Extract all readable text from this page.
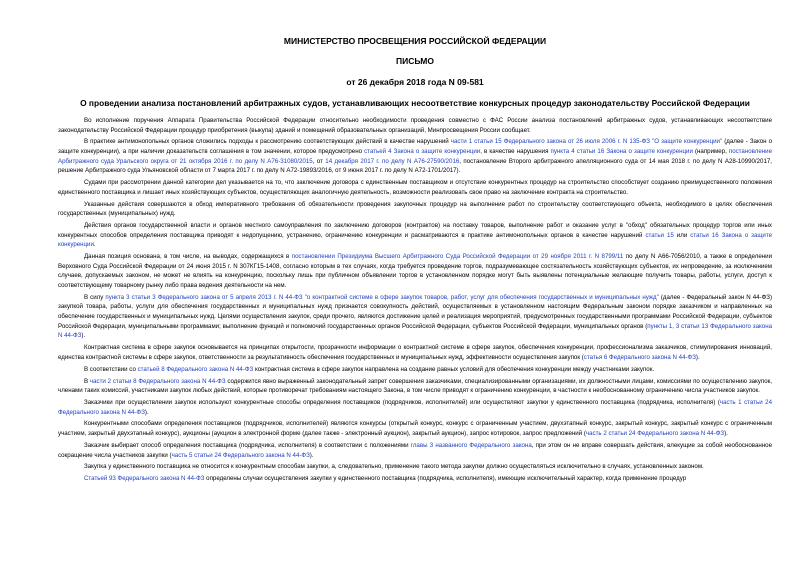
МИНИСТЕРСТВО ПРОСВЕЩЕНИЯ РОССИЙСКОЙ ФЕДЕРАЦИИ
ПИСЬМО
от 26 декабря 2018 года N 09-581
О проведении анализа постановлений арбитражных судов, устанавливающих несоответствие конкурсных процедур законодательству Российской Федерации

Во исполнение поручения Аппарата Правительства Российской Федерации относительно необходимости проведения совместно с ФАС России анализа постановлений арбитражных судов, устанавливающих несоответствие законодательству Российской Федерации процедур приобретения (выкупа) зданий и помещений образовательных организаций, Минпросвещения России сообщает.

В практике антимонопольных органов сложились подходы к рассмотрению соответствующих действий в качестве нарушений части 1 статьи 15 Федерального закона от 26 июля 2006 г. N 135-ФЗ "О защите конкуренции" (далее - Закон о защите конкуренции), а при наличии доказательств соглашения в том значении, которое предусмотрено статьей 4 Закона о защите конкуренции, в качестве нарушения пункта 4 статьи 16 Закона о защите конкуренции (например, постановление Арбитражного суда Уральского округа от 21 октября 2016 г. по делу N А76-31080/2015, от 14 декабря 2017 г. по делу N А76-27590/2016, постановление Второго арбитражного апелляционного суда от 14 мая 2018 г. по делу N А28-10990/2017, решение Арбитражного суда Ульяновской области от 7 марта 2017 г. по делу N А72-19893/2016, от 9 июня 2017 г. по делу N А72-1701/2017).

Судами при рассмотрении данной категории дел указывается на то, что заключение договора с единственным поставщиком и отсутствие конкурентных процедур на строительство способствует созданию преимущественного положения единственного поставщика и лишает иных хозяйствующих субъектов, осуществляющих аналогичную деятельность, возможности реализовать свое право на заключение контракта на строительство.

Указанные действия совершаются в обход императивного требования об обязательности проведения закупочных процедур на выполнение работ по строительству соответствующего объекта, необходимого в целях обеспечения государственных (муниципальных) нужд.

Действия органов государственной власти и органов местного самоуправления по заключению договоров (контрактов) на поставку товаров, выполнение работ и оказание услуг в "обход" обязательных процедур торгов или иных конкурентных способов определения поставщика приводят к недопущению, устранению, ограничению конкуренции и расматриваются в практике антимонопольных органов в качестве нарушений статьи 15 или статьи 16 Закона о защите конкуренции.

Данная позиция основана, в том числе, на выводах, содержащихся в постановлении Президиума Высшего Арбитражного Суда Российской Федерации от 29 ноября 2011 г. N 8799/11 по делу N А66-7056/2010, а также в определении Верховного Суда Российской Федерации от 24 июня 2015 г. N 307КГ15-1408, согласно которым в тех случаях, когда требуется проведение торгов, подразумевающее состязательность хозяйствующих субъектов, их непроведение, за исключением случаев, допускаемых законом, не может не влиять на конкуренцию, поскольку лишь при публичном объявлении торгов в установленном порядке могут быть выявлены потенциальные желающие получить товары, работы, услуги, доступ к соответствующему товарному рынку либо права ведения деятельности на нем.

В силу пункта 3 статьи 3 Федерального закона от 5 апреля 2013 г. N 44-ФЗ "о контрактной системе в сфере закупок товаров, работ, услуг для обеспечения государственных и муниципальных нужд" (далее - Федеральный закон N 44-ФЗ) закупкой товара, работы, услуги для обеспечения государственных и муниципальных нужд признается совокупность действий, осуществляемых в установленном настоящим Федеральным законом порядке заказчиком и направленных на обеспечение государственных и муниципальных нужд. Целями осуществления закупок, среди прочего, являются достижение целей и реализация мероприятий, предусмотренных государственными программами Российской Федерации, субъектов Российской Федерации, муниципальными программами; выполнение функций и полномочий государственных органов Российской Федерации, субъектов Российской Федерации, муниципальных органов (пункты 1, 3 статьи 13 Федерального закона N 44-ФЗ).

Контрактная система в сфере закупок основывается на принципах открытости, прозрачности информации о контрактной системе в сфере закупок, обеспечения конкуренции, профессионализма заказчиков, стимулирования инноваций, единства контрактной системы в сфере закупок, ответственности за результативность обеспечения государственных и муниципальных нужд, эффективности осуществления закупок (статья 6 Федерального закона N 44-ФЗ).

В соответствии со статьей 8 Федерального закона N 44-ФЗ контрактная система в сфере закупок направлена на создание равных условий для обеспечения конкуренции между участниками закупок.

В части 2 статьи 8 Федерального закона N 44-ФЗ содержится явно выраженный законодательный запрет совершения заказчиками, специализированными организациями, их должностными лицами, комиссиями по осуществлению закупок, членами таких комиссий, участниками закупок любых действий, которые противоречат требованиям настоящего Закона, в том числе приводят к ограничению конкуренции, в частности к необоснованному ограничению числа участников закупок.

Заказчики при осуществлении закупок используют конкурентные способы определения поставщиков (подрядчиков, исполнителей) или осуществляют закупки у единственного поставщика (подрядчика, исполнителя) (часть 1 статьи 24 Федерального закона N 44-ФЗ).

Конкурентными способами определения поставщиков (подрядчиков, исполнителей) являются конкурсы (открытый конкурс, конкурс с ограниченным участием, двухэтапный конкурс, закрытый конкурс, закрытый конкурс с ограниченным участием, закрытый двухэтапный конкурс), аукционы (аукцион в электронной форме (далее также - электронный аукцион), закрытый аукцион), запрос котировок, запрос предложений (часть 2 статьи 24 Федерального закона N 44-ФЗ).

Заказчик выбирает способ определения поставщика (подрядчика, исполнителя) в соответствии с положениями главы 3 названного Федерального закона, при этом он не вправе совершать действия, влекущие за собой необоснованное сокращение числа участников закупки (часть 5 статьи 24 Федерального закона N 44-ФЗ).

Закупка у единственного поставщика не относится к конкурентным способам закупки, а, следовательно, применение такого метода закупки должно осуществляться исключительно в случаях, установленных законом.

Статьей 93 Федерального закона N 44-ФЗ определены случаи осуществления закупки у единственного поставщика (подрядчика, исполнителя), имеющие исключительный характер, когда применение процедур
